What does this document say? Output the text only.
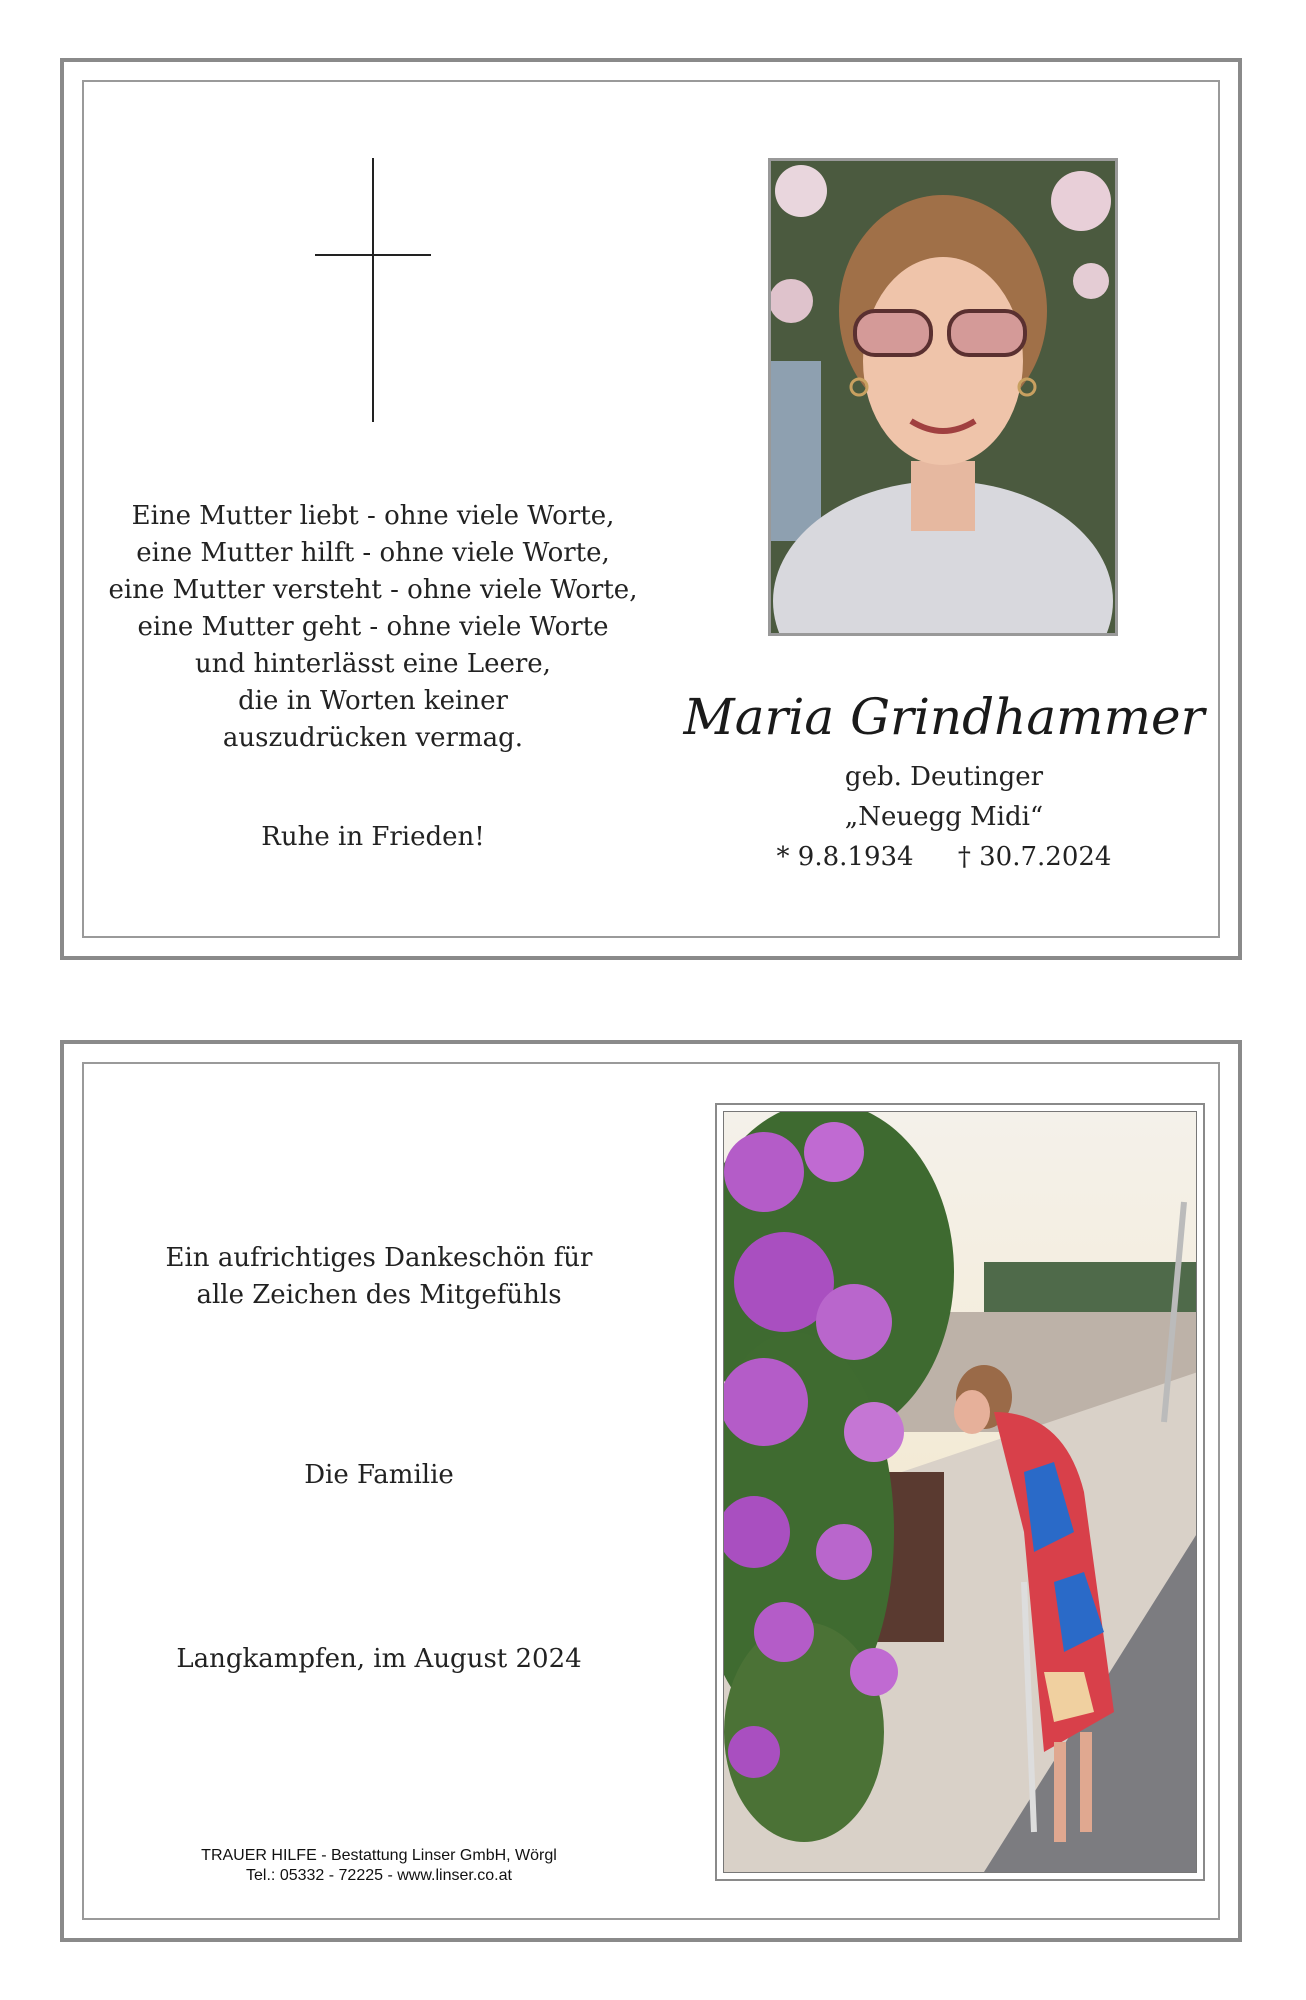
Eine Mutter liebt - ohne viele Worte,
eine Mutter hilft - ohne viele Worte,
eine Mutter versteht - ohne viele Worte,
eine Mutter geht - ohne viele Worte
und hinterlässt eine Leere,
die in Worten keiner
auszudrücken vermag.
Ruhe in Frieden!
Maria Grindhammer
geb. Deutinger
„Neuegg Midi“
* 9.8.1934 † 30.7.2024
Ein aufrichtiges Dankeschön für
alle Zeichen des Mitgefühls
Die Familie
Langkampfen, im August 2024
TRAUER HILFE - Bestattung Linser GmbH, Wörgl
Tel.: 05332 - 72225 - www.linser.co.at
